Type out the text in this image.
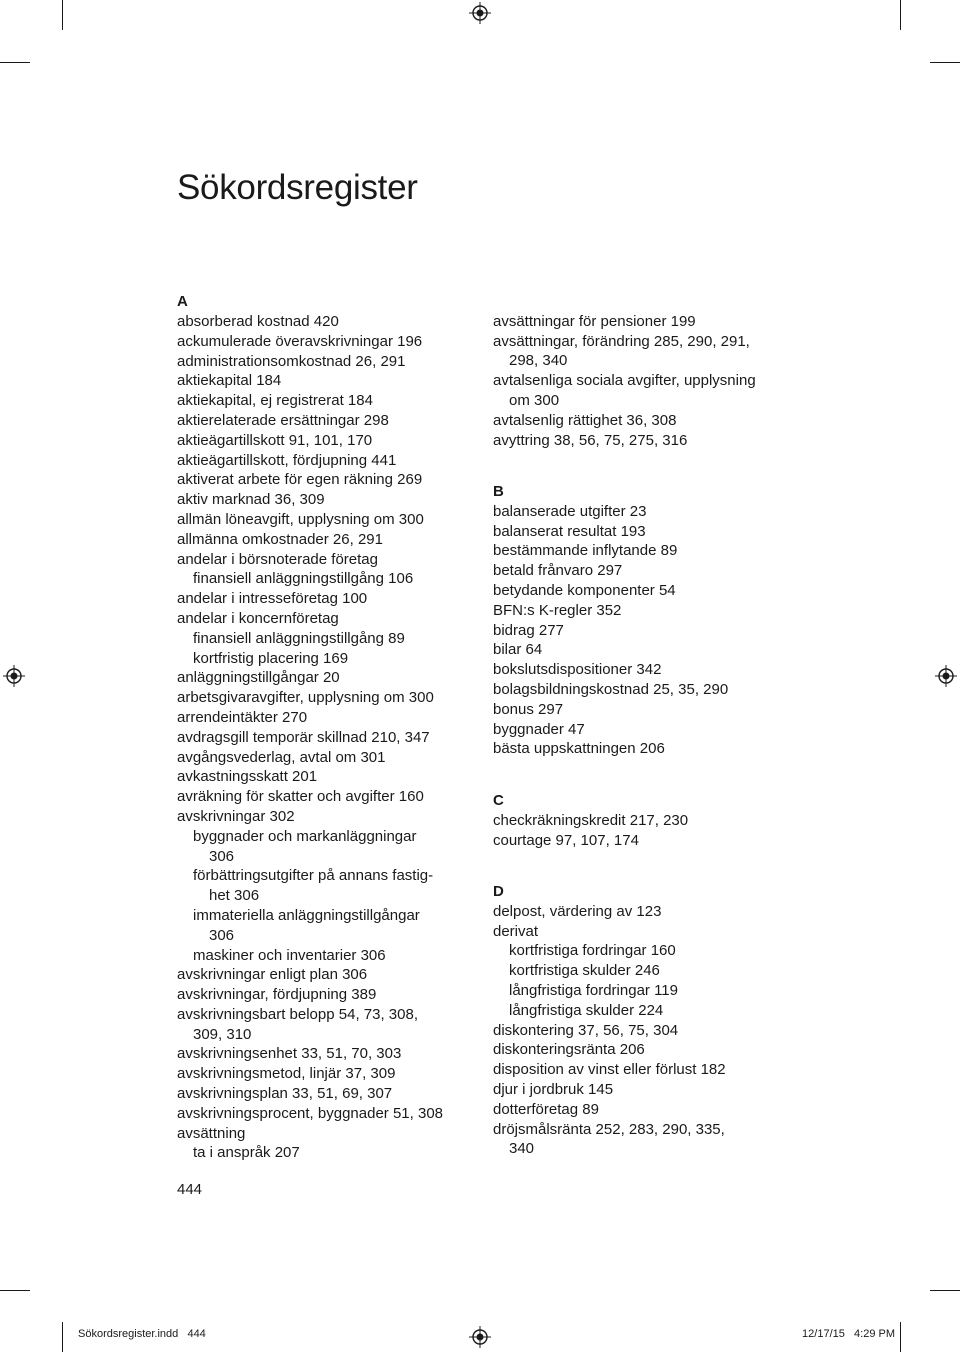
Sökordsregister
A
absorberad kostnad 420
ackumulerade överavskrivningar 196
administrationsomkostnad 26, 291
aktiekapital 184
aktiekapital, ej registrerat 184
aktierelaterade ersättningar 298
aktieägartillskott 91, 101, 170
aktieägartillskott, fördjupning 441
aktiverat arbete för egen räkning 269
aktiv marknad 36, 309
allmän löneavgift, upplysning om 300
allmänna omkostnader 26, 291
andelar i börsnoterade företag
finansiell anläggningstillgång 106
andelar i intresseföretag 100
andelar i koncernföretag
finansiell anläggningstillgång 89
kortfristig placering 169
anläggningstillgångar 20
arbetsgivaravgifter, upplysning om 300
arrendeintäkter 270
avdragsgill temporär skillnad 210, 347
avgångsvederlag, avtal om 301
avkastningsskatt 201
avräkning för skatter och avgifter 160
avskrivningar 302
byggnader och markanläggningar
306
förbättringsutgifter på annans fastig-
het 306
immateriella anläggningstillgångar
306
maskiner och inventarier 306
avskrivningar enligt plan 306
avskrivningar, fördjupning 389
avskrivningsbart belopp 54, 73, 308,
309, 310
avskrivningsenhet 33, 51, 70, 303
avskrivningsmetod, linjär 37, 309
avskrivningsplan 33, 51, 69, 307
avskrivningsprocent, byggnader 51, 308
avsättning
ta i anspråk 207
avsättningar för pensioner 199
avsättningar, förändring 285, 290, 291,
298, 340
avtalsenliga sociala avgifter, upplysning
om 300
avtalsenlig rättighet 36, 308
avyttring 38, 56, 75, 275, 316
B
balanserade utgifter 23
balanserat resultat 193
bestämmande inflytande 89
betald frånvaro 297
betydande komponenter 54
BFN:s K-regler 352
bidrag 277
bilar 64
bokslutsdispositioner 342
bolagsbildningskostnad 25, 35, 290
bonus 297
byggnader 47
bästa uppskattningen 206
C
checkräkningskredit 217, 230
courtage 97, 107, 174
D
delpost, värdering av 123
derivat
kortfristiga fordringar 160
kortfristiga skulder 246
långfristiga fordringar 119
långfristiga skulder 224
diskontering 37, 56, 75, 304
diskonteringsränta 206
disposition av vinst eller förlust 182
djur i jordbruk 145
dotterföretag 89
dröjsmålsränta 252, 283, 290, 335,
340
444
Sökordsregister.indd   444	12/17/15   4:29 PM
